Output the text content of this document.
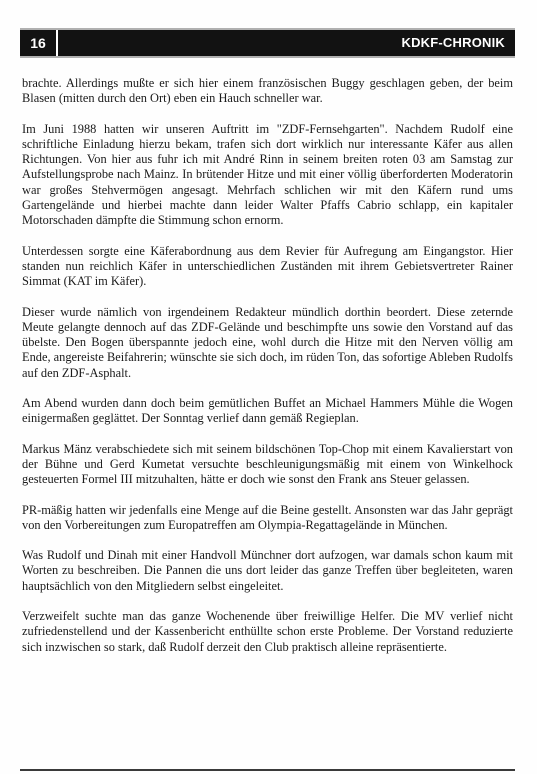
16	KDKF-CHRONIK

brachte. Allerdings mußte er sich hier einem französischen Buggy geschlagen geben, der beim Blasen (mitten durch den Ort) eben ein Hauch schneller war.

Im Juni 1988 hatten wir unseren Auftritt im "ZDF-Fernsehgarten". Nachdem Rudolf eine schriftliche Einladung hierzu bekam, trafen sich dort wirklich nur interessante Käfer aus allen Richtungen. Von hier aus fuhr ich mit André Rinn in seinem breiten roten 03 am Samstag zur Aufstellungsprobe nach Mainz. In brütender Hitze und mit einer völlig überforderten Moderatorin war großes Stehvermögen angesagt. Mehrfach schlichen wir mit den Käfern rund ums Gartengelände und hierbei machte dann leider Walter Pfaffs Cabrio schlapp, ein kapitaler Motorschaden dämpfte die Stimmung schon ernorm.

Unterdessen sorgte eine Käferabordnung aus dem Revier für Aufregung am Eingangstor. Hier standen nun reichlich Käfer in unterschiedlichen Zuständen mit ihrem Gebietsvertreter Rainer Simmat (KAT im Käfer).

Dieser wurde nämlich von irgendeinem Redakteur mündlich dorthin beordert. Diese zeternde Meute gelangte dennoch auf das ZDF-Gelände und beschimpfte uns sowie den Vorstand auf das übelste. Den Bogen überspannte jedoch eine, wohl durch die Hitze mit den Nerven völlig am Ende, angereiste Beifahrerin; wünschte sie sich doch, im rüden Ton, das sofortige Ableben Rudolfs auf den ZDF-Asphalt.

Am Abend wurden dann doch beim gemütlichen Buffet an Michael Hammers Mühle die Wogen einigermaßen geglättet. Der Sonntag verlief dann gemäß Regieplan.

Markus Mänz verabschiedete sich mit seinem bildschönen Top-Chop mit einem Kavalierstart von der Bühne und Gerd Kumetat versuchte beschleunigungsmäßig mit einem von Winkelhock gesteuerten Formel III mitzuhalten, hätte er doch wie sonst den Frank ans Steuer gelassen.

PR-mäßig hatten wir jedenfalls eine Menge auf die Beine gestellt. Ansonsten war das Jahr geprägt von den Vorbereitungen zum Europatreffen am Olympia-Regattagelände in München.

Was Rudolf und Dinah mit einer Handvoll Münchner dort aufzogen, war damals schon kaum mit Worten zu beschreiben. Die Pannen die uns dort leider das ganze Treffen über begleiteten, waren hauptsächlich von den Mitgliedern selbst eingeleitet.

Verzweifelt suchte man das ganze Wochenende über freiwillige Helfer. Die MV verlief nicht zufriedenstellend und der Kassenbericht enthüllte schon erste Probleme. Der Vorstand reduzierte sich inzwischen so stark, daß Rudolf derzeit den Club praktisch alleine repräsentierte.
